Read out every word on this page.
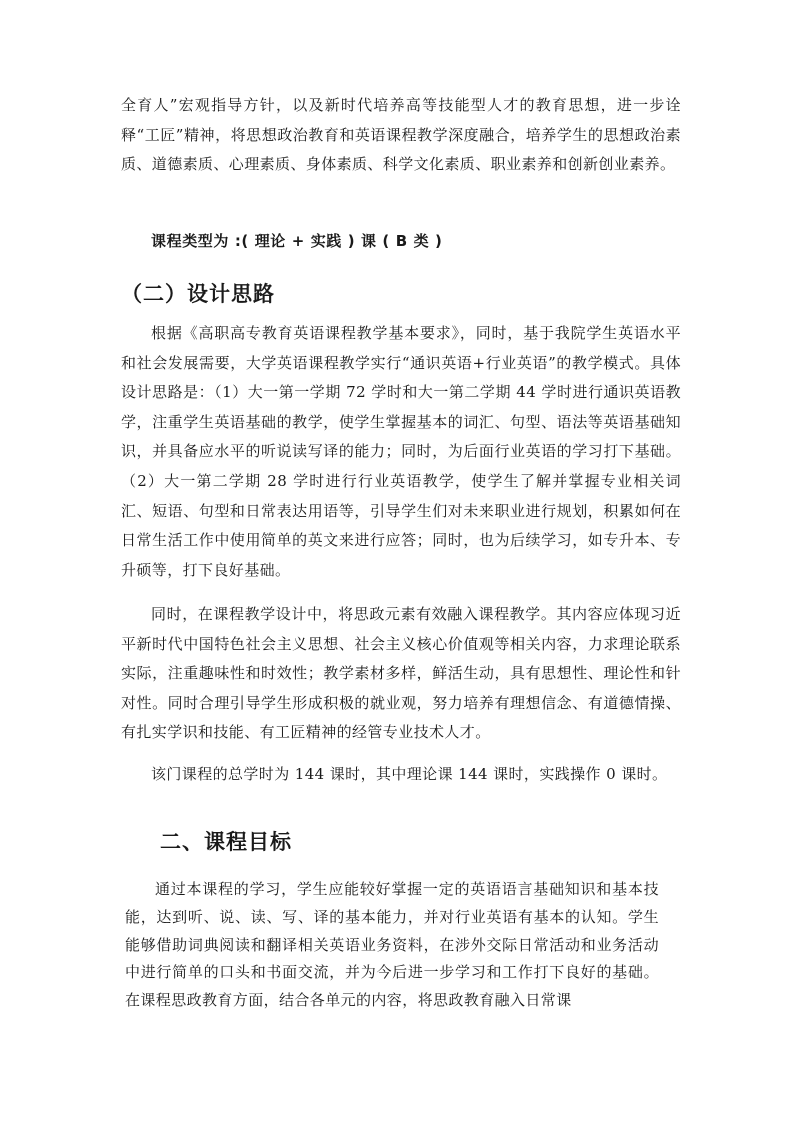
全育人”宏观指导方针，以及新时代培养高等技能型人才的教育思想，进一步诠释“工匠”精神，将思想政治教育和英语课程教学深度融合，培养学生的思想政治素质、道德素质、心理素质、身体素质、科学文化素质、职业素养和创新创业素养。

课程类型为 :( 理论 + 实践 ) 课 ( B 类 )

（二）设计思路

根据《高职高专教育英语课程教学基本要求》，同时，基于我院学生英语水平和社会发展需要，大学英语课程教学实行“通识英语+行业英语”的教学模式。具体设计思路是：（1）大一第一学期 72 学时和大一第二学期 44 学时进行通识英语教学，注重学生英语基础的教学，使学生掌握基本的词汇、句型、语法等英语基础知识，并具备应水平的听说读写译的能力；同时，为后面行业英语的学习打下基础。（2）大一第二学期 28 学时进行行业英语教学，使学生了解并掌握专业相关词汇、短语、句型和日常表达用语等，引导学生们对未来职业进行规划，积累如何在日常生活工作中使用简单的英文来进行应答；同时，也为后续学习，如专升本、专升硕等，打下良好基础。

同时，在课程教学设计中，将思政元素有效融入课程教学。其内容应体现习近平新时代中国特色社会主义思想、社会主义核心价值观等相关内容，力求理论联系实际，注重趣味性和时效性；教学素材多样，鲜活生动，具有思想性、理论性和针对性。同时合理引导学生形成积极的就业观，努力培养有理想信念、有道德情操、有扎实学识和技能、有工匠精神的经管专业技术人才。

该门课程的总学时为 144 课时，其中理论课 144 课时，实践操作 0 课时。

二、课程目标

通过本课程的学习，学生应能较好掌握一定的英语语言基础知识和基本技能，达到听、说、读、写、译的基本能力，并对行业英语有基本的认知。学生能够借助词典阅读和翻译相关英语业务资料，在涉外交际日常活动和业务活动中进行简单的口头和书面交流，并为今后进一步学习和工作打下良好的基础。在课程思政教育方面，结合各单元的内容，将思政教育融入日常课
